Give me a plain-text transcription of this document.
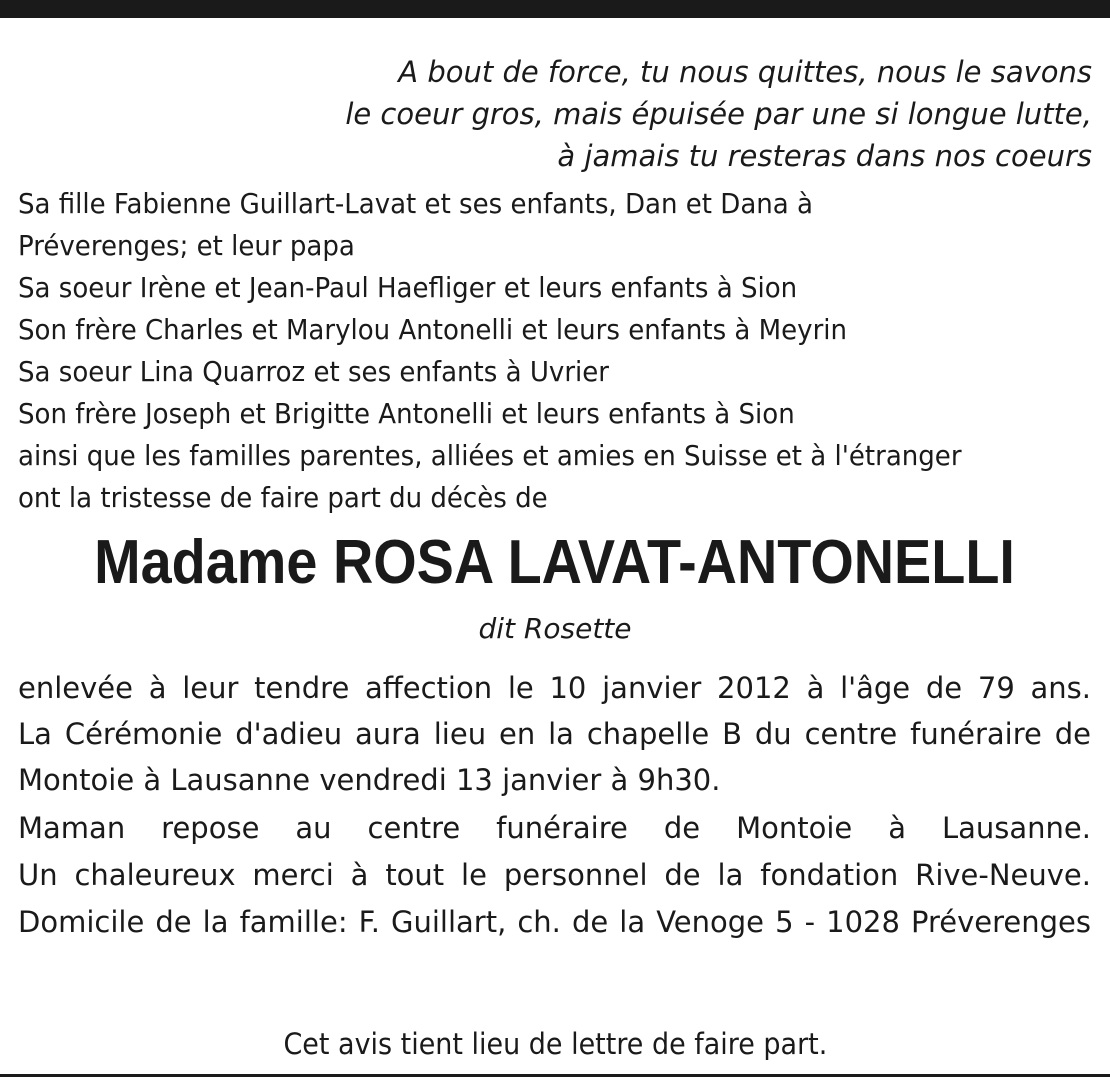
A bout de force, tu nous quittes, nous le savons
le coeur gros, mais épuisée par une si longue lutte,
à jamais tu resteras dans nos coeurs
Sa fille Fabienne Guillart-Lavat et ses enfants, Dan et Dana à
Préverenges; et leur papa
Sa soeur Irène et Jean-Paul Haefliger et leurs enfants à Sion
Son frère Charles et Marylou Antonelli et leurs enfants à Meyrin
Sa soeur Lina Quarroz et ses enfants à Uvrier
Son frère Joseph et Brigitte Antonelli et leurs enfants à Sion
ainsi que les familles parentes, alliées et amies en Suisse et à l'étranger
ont la tristesse de faire part du décès de
Madame ROSA LAVAT-ANTONELLI
dit Rosette
enlevée à leur tendre affection le 10 janvier 2012 à l'âge de 79 ans.
La Cérémonie d'adieu aura lieu en la chapelle B du centre funéraire de
Montoie à Lausanne vendredi 13 janvier à 9h30.
Maman repose au centre funéraire de Montoie à Lausanne.
Un chaleureux merci à tout le personnel de la fondation Rive-Neuve.
Domicile de la famille: F. Guillart, ch. de la Venoge 5 - 1028 Préverenges
Cet avis tient lieu de lettre de faire part.
